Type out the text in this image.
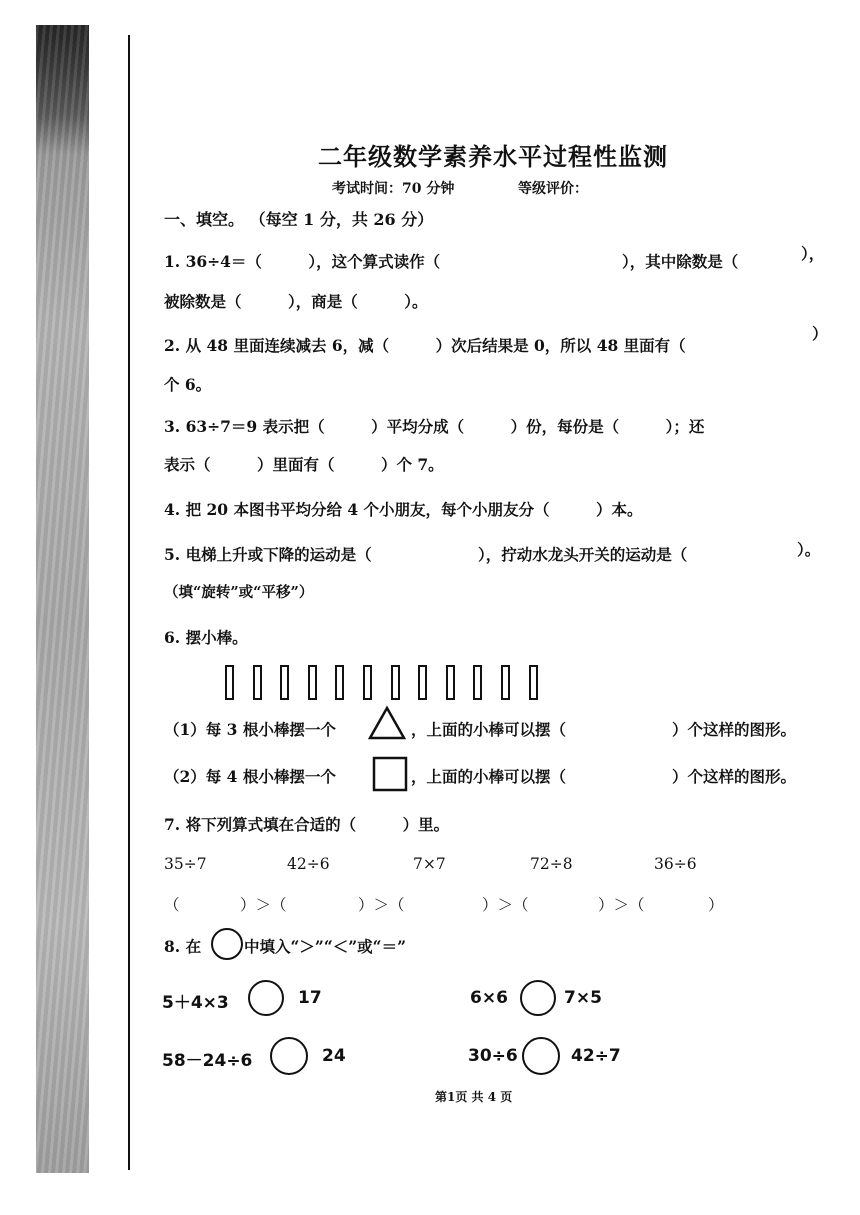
二年级数学素养水平过程性监测
考试时间：70 分钟	等级评价：
一、填空。 （每空 1 分，共 26 分）
1. 36÷4＝（　　　），这个算式读作（	），其中除数是（	），
被除数是（　　　），商是（　　　）。
2. 从 48 里面连续减去 6，减（　　　）次后结果是 0，所以 48 里面有（
）
个 6。
3. 63÷7＝9 表示把（　　　）平均分成（　　　）份，每份是（　　　）；还
表示（　　　）里面有（　　　）个 7。
4. 把 20 本图书平均分给 4 个小朋友，每个小朋友分（　　　）本。
5. 电梯上升或下降的运动是（	），拧动水龙头开关的运动是（	）。
（填“旋转”或“平移”）
6. 摆小棒。
（1）每 3 根小棒摆一个	，上面的小棒可以摆（	）个这样的图形。
（2）每 4 根小棒摆一个	，上面的小棒可以摆（	）个这样的图形。
7. 将下列算式填在合适的（　　　）里。
35÷7	42÷6	7×7	72÷8	36÷6
（	）＞（	）＞（	）＞（	）＞（	）
8. 在	中填入“＞”“＜”或“＝”
5＋4×3	17	6×6	7×5
58－24÷6	24	30÷6	42÷7
第1页 共 4 页
